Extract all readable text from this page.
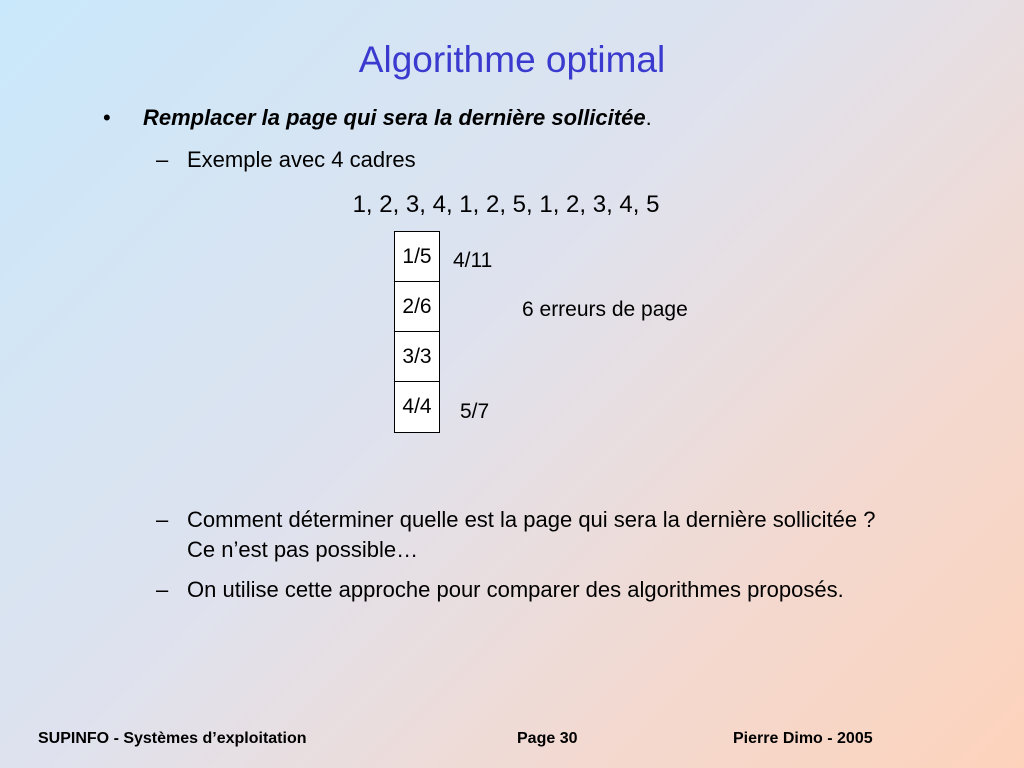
Algorithme optimal
• Remplacer la page qui sera la dernière sollicitée.
– Exemple avec 4 cadres
1, 2, 3, 4, 1, 2, 5, 1, 2, 3, 4, 5
1/5
2/6
3/3
4/4
4/11
6 erreurs de page
5/7
– Comment déterminer quelle est la page qui sera la dernière sollicitée ? Ce n’est pas possible…
– On utilise cette approche pour comparer des algorithmes proposés.
SUPINFO - Systèmes d’exploitation	Page 30	Pierre Dimo - 2005
